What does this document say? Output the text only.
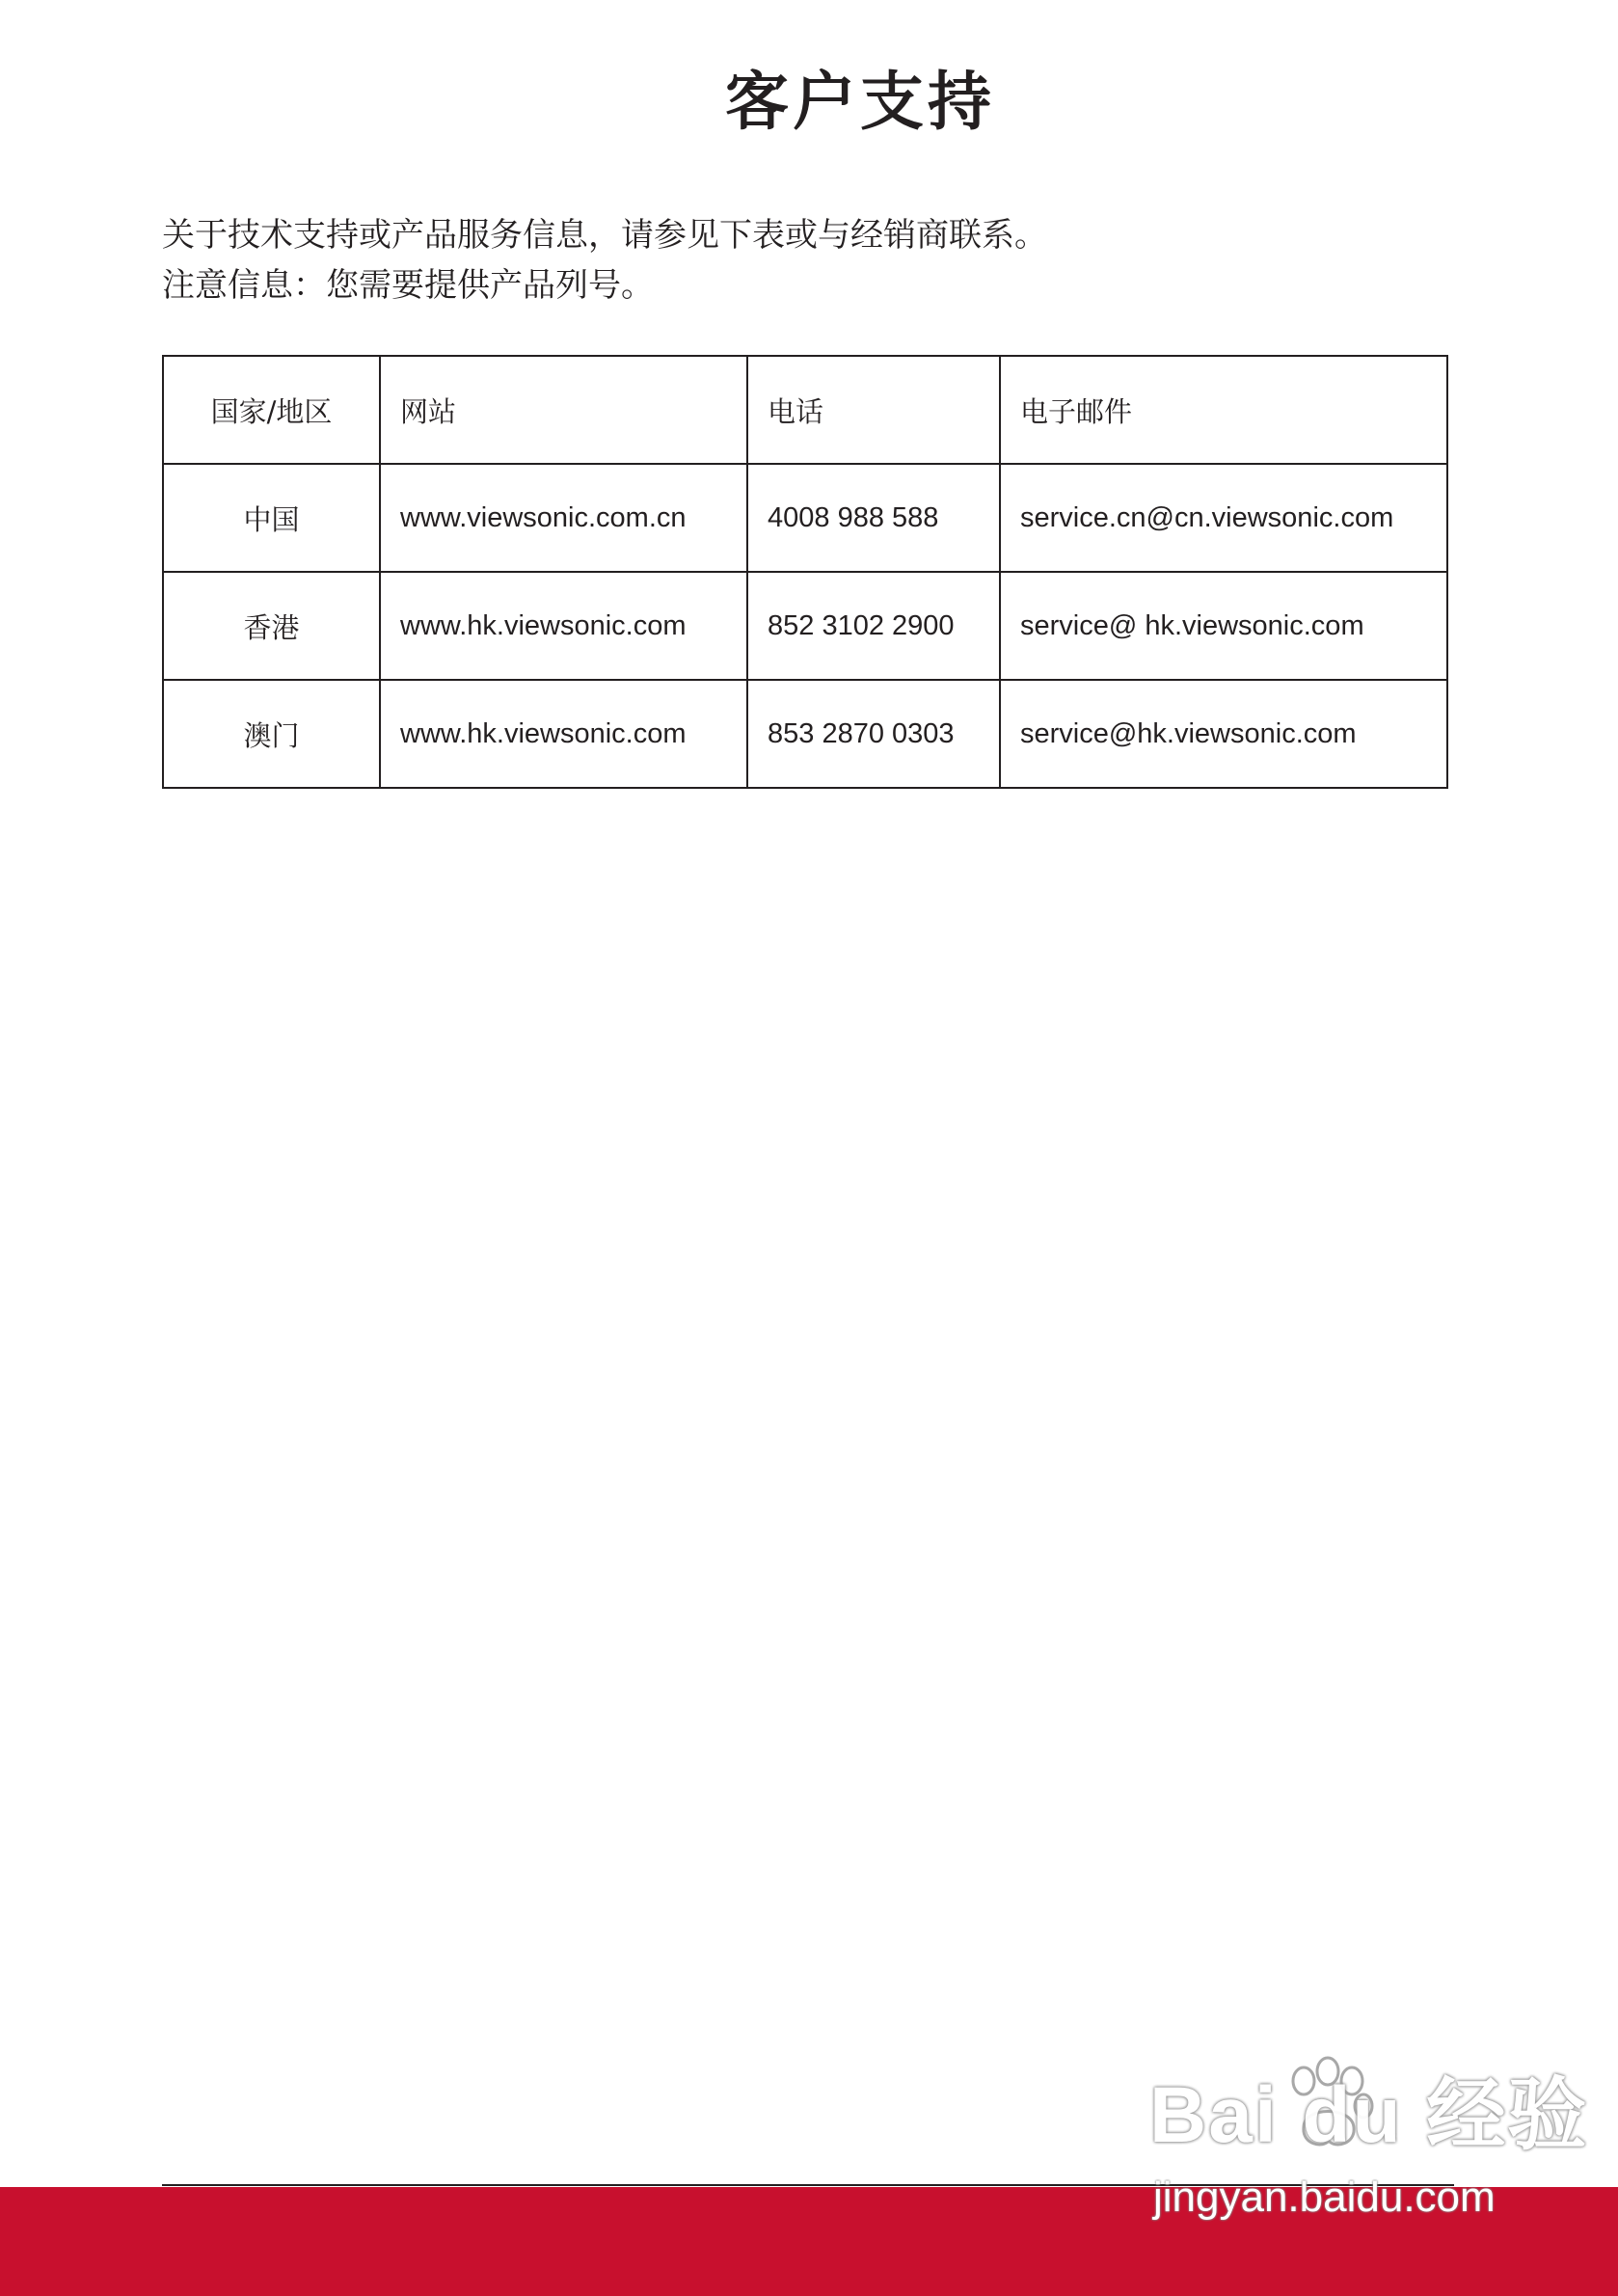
客户支持
关于技术支持或产品服务信息，请参见下表或与经销商联系。
注意信息：您需要提供产品列号。
国家/地区	网站	电话	电子邮件
中国	www.viewsonic.com.cn	4008 988 588	service.cn@cn.viewsonic.com
香港	www.hk.viewsonic.com	852 3102 2900	service@ hk.viewsonic.com
澳门	www.hk.viewsonic.com	853 2870 0303	service@hk.viewsonic.com
Bai du 经验
jingyan.baidu.com
